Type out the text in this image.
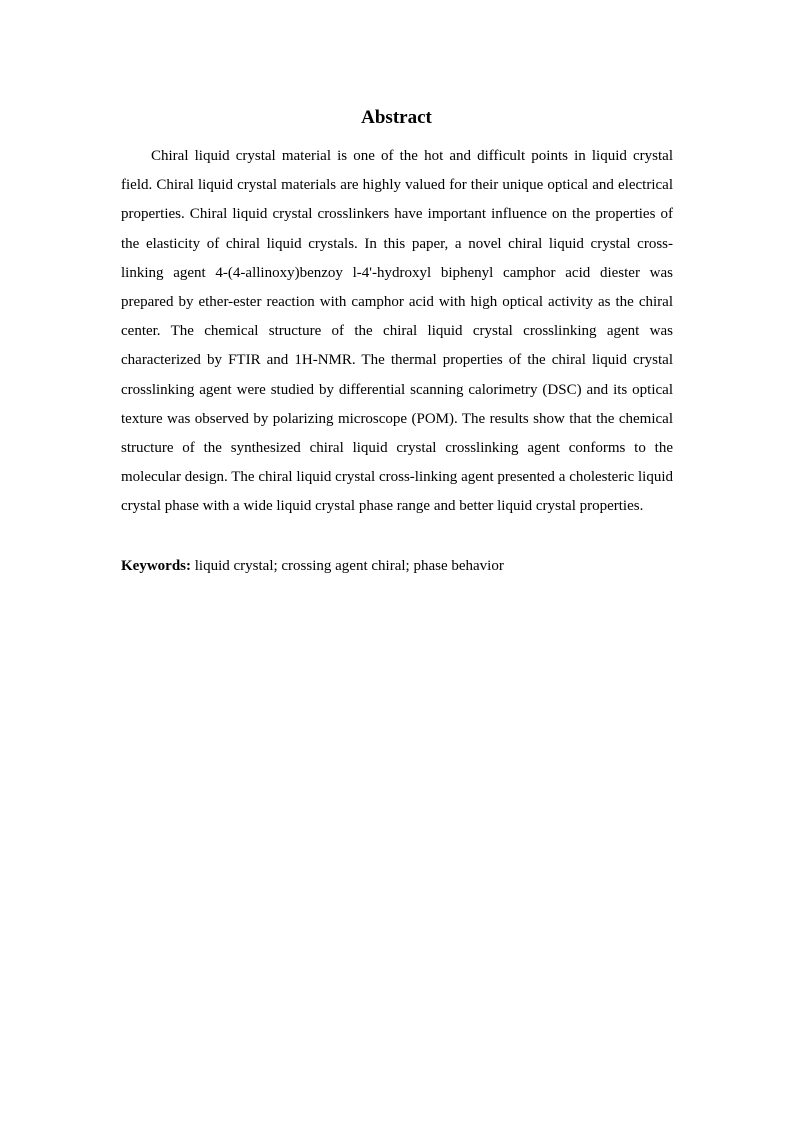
Abstract

Chiral liquid crystal material is one of the hot and difficult points in liquid crystal field. Chiral liquid crystal materials are highly valued for their unique optical and electrical properties. Chiral liquid crystal crosslinkers have important influence on the properties of the elasticity of chiral liquid crystals. In this paper, a novel chiral liquid crystal cross-linking agent 4-(4-allinoxy)benzoy l-4'-hydroxyl biphenyl camphor acid diester was prepared by ether-ester reaction with camphor acid with high optical activity as the chiral center. The chemical structure of the chiral liquid crystal crosslinking agent was characterized by FTIR and 1H-NMR. The thermal properties of the chiral liquid crystal crosslinking agent were studied by differential scanning calorimetry (DSC) and its optical texture was observed by polarizing microscope (POM). The results show that the chemical structure of the synthesized chiral liquid crystal crosslinking agent conforms to the molecular design. The chiral liquid crystal cross-linking agent presented a cholesteric liquid crystal phase with a wide liquid crystal phase range and better liquid crystal properties.

Keywords: liquid crystal; crossing agent chiral; phase behavior
